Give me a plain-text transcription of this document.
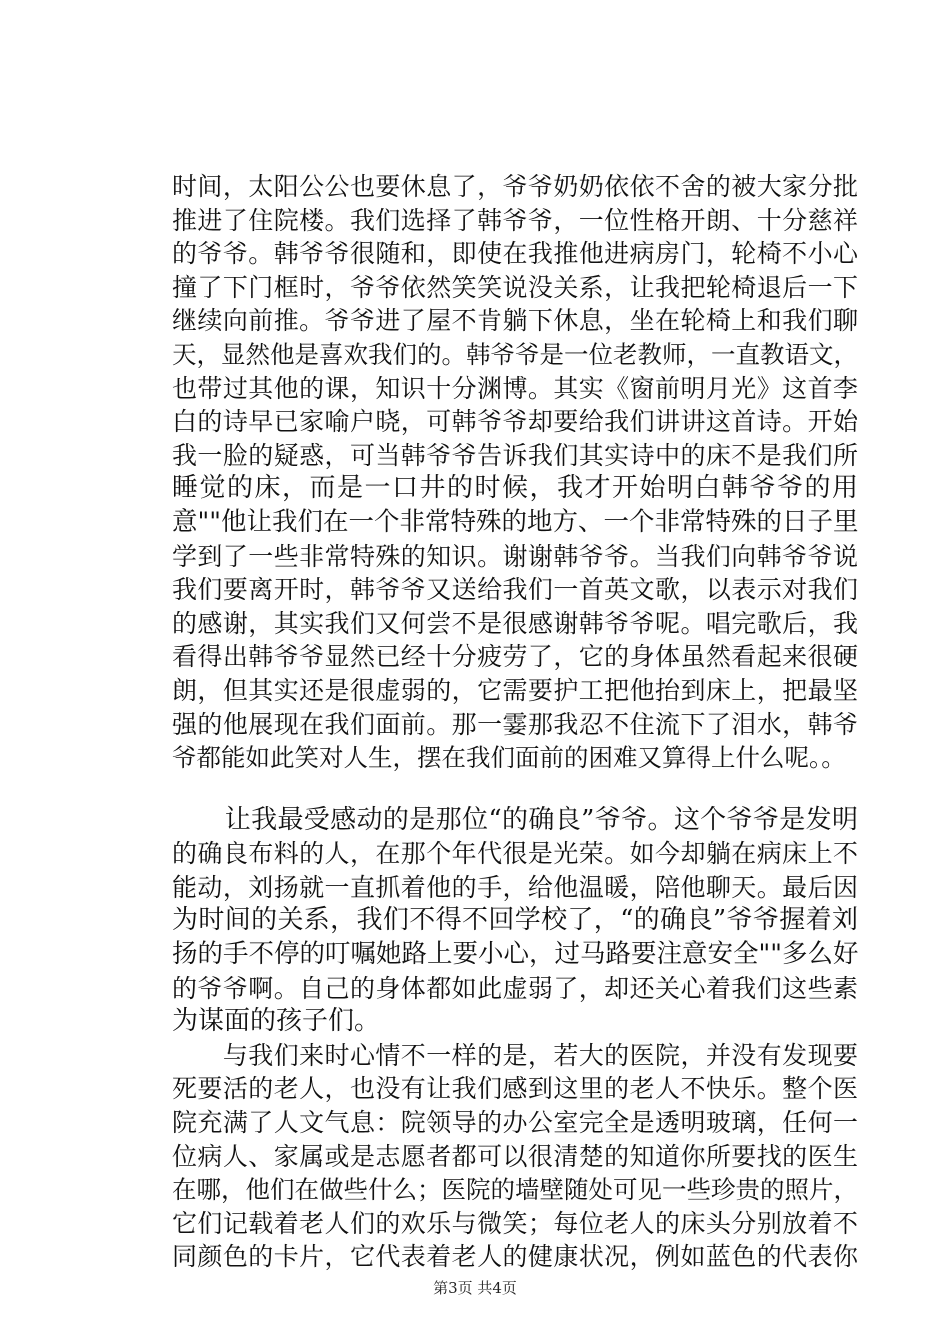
时间，太阳公公也要休息了，爷爷奶奶依依不舍的被大家分批
推进了住院楼。我们选择了韩爷爷，一位性格开朗、十分慈祥
的爷爷。韩爷爷很随和，即使在我推他进病房门，轮椅不小心
撞了下门框时，爷爷依然笑笑说没关系，让我把轮椅退后一下
继续向前推。爷爷进了屋不肯躺下休息，坐在轮椅上和我们聊
天，显然他是喜欢我们的。韩爷爷是一位老教师，一直教语文，
也带过其他的课，知识十分渊博。其实《窗前明月光》这首李
白的诗早已家喻户晓，可韩爷爷却要给我们讲讲这首诗。开始
我一脸的疑惑，可当韩爷爷告诉我们其实诗中的床不是我们所
睡觉的床，而是一口井的时候，我才开始明白韩爷爷的用
意""他让我们在一个非常特殊的地方、一个非常特殊的日子里
学到了一些非常特殊的知识。谢谢韩爷爷。当我们向韩爷爷说
我们要离开时，韩爷爷又送给我们一首英文歌，以表示对我们
的感谢，其实我们又何尝不是很感谢韩爷爷呢。唱完歌后，我
看得出韩爷爷显然已经十分疲劳了，它的身体虽然看起来很硬
朗，但其实还是很虚弱的，它需要护工把他抬到床上，把最坚
强的他展现在我们面前。那一霎那我忍不住流下了泪水，韩爷
爷都能如此笑对人生，摆在我们面前的困难又算得上什么呢。。
　　让我最受感动的是那位“的确良”爷爷。这个爷爷是发明
的确良布料的人，在那个年代很是光荣。如今却躺在病床上不
能动，刘扬就一直抓着他的手，给他温暖，陪他聊天。最后因
为时间的关系，我们不得不回学校了，“的确良”爷爷握着刘
扬的手不停的叮嘱她路上要小心，过马路要注意安全""多么好
的爷爷啊。自己的身体都如此虚弱了，却还关心着我们这些素
为谋面的孩子们。
　　与我们来时心情不一样的是，若大的医院，并没有发现要
死要活的老人，也没有让我们感到这里的老人不快乐。整个医
院充满了人文气息：院领导的办公室完全是透明玻璃，任何一
位病人、家属或是志愿者都可以很清楚的知道你所要找的医生
在哪，他们在做些什么；医院的墙壁随处可见一些珍贵的照片，
它们记载着老人们的欢乐与微笑；每位老人的床头分别放着不
同颜色的卡片，它代表着老人的健康状况，例如蓝色的代表你
第3页 共4页
